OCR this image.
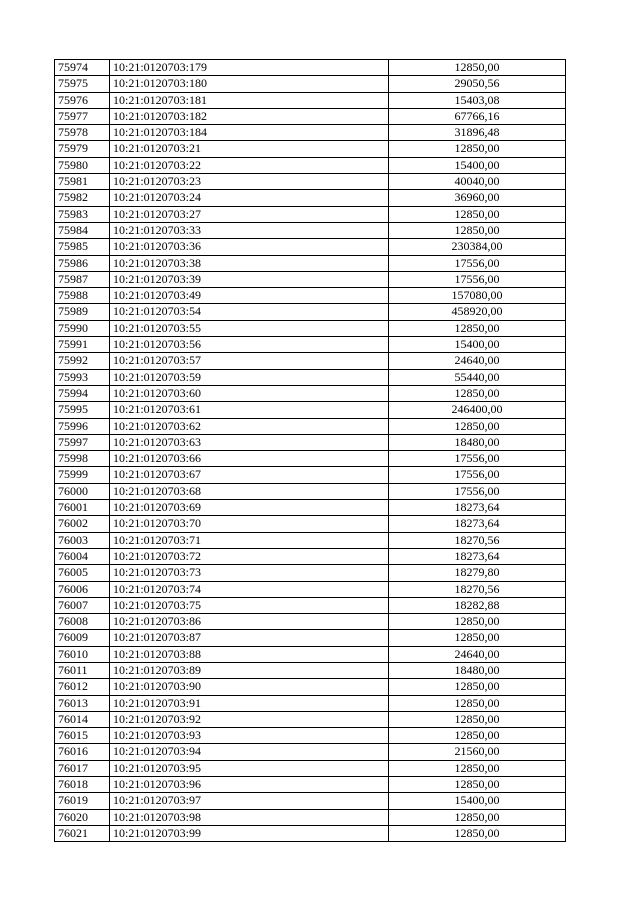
75974	10:21:0120703:179	12850,00
75975	10:21:0120703:180	29050,56
75976	10:21:0120703:181	15403,08
75977	10:21:0120703:182	67766,16
75978	10:21:0120703:184	31896,48
75979	10:21:0120703:21	12850,00
75980	10:21:0120703:22	15400,00
75981	10:21:0120703:23	40040,00
75982	10:21:0120703:24	36960,00
75983	10:21:0120703:27	12850,00
75984	10:21:0120703:33	12850,00
75985	10:21:0120703:36	230384,00
75986	10:21:0120703:38	17556,00
75987	10:21:0120703:39	17556,00
75988	10:21:0120703:49	157080,00
75989	10:21:0120703:54	458920,00
75990	10:21:0120703:55	12850,00
75991	10:21:0120703:56	15400,00
75992	10:21:0120703:57	24640,00
75993	10:21:0120703:59	55440,00
75994	10:21:0120703:60	12850,00
75995	10:21:0120703:61	246400,00
75996	10:21:0120703:62	12850,00
75997	10:21:0120703:63	18480,00
75998	10:21:0120703:66	17556,00
75999	10:21:0120703:67	17556,00
76000	10:21:0120703:68	17556,00
76001	10:21:0120703:69	18273,64
76002	10:21:0120703:70	18273,64
76003	10:21:0120703:71	18270,56
76004	10:21:0120703:72	18273,64
76005	10:21:0120703:73	18279,80
76006	10:21:0120703:74	18270,56
76007	10:21:0120703:75	18282,88
76008	10:21:0120703:86	12850,00
76009	10:21:0120703:87	12850,00
76010	10:21:0120703:88	24640,00
76011	10:21:0120703:89	18480,00
76012	10:21:0120703:90	12850,00
76013	10:21:0120703:91	12850,00
76014	10:21:0120703:92	12850,00
76015	10:21:0120703:93	12850,00
76016	10:21:0120703:94	21560,00
76017	10:21:0120703:95	12850,00
76018	10:21:0120703:96	12850,00
76019	10:21:0120703:97	15400,00
76020	10:21:0120703:98	12850,00
76021	10:21:0120703:99	12850,00
